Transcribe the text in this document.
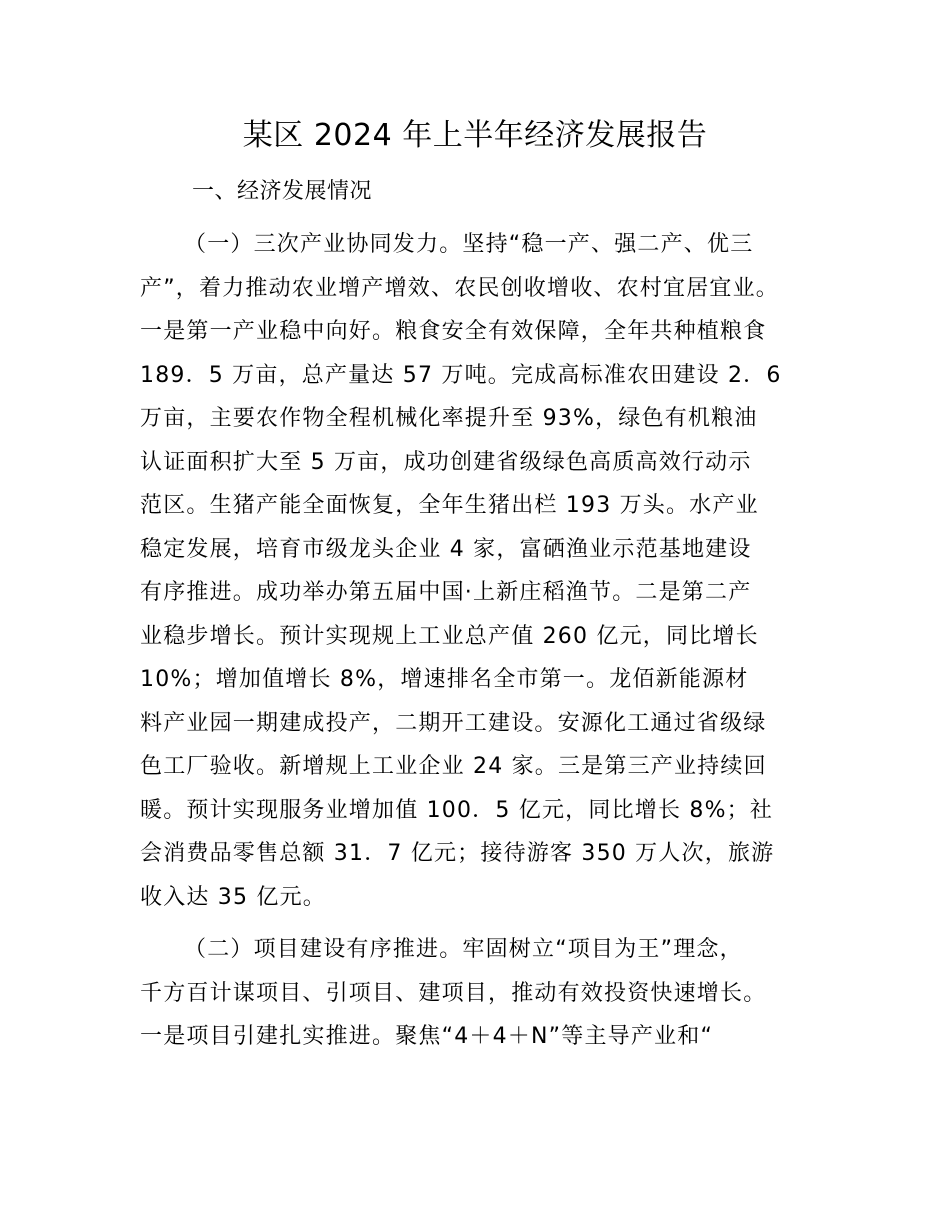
某区 2024 年上半年经济发展报告
一、经济发展情况
（一）三次产业协同发力。坚持“稳一产、强二产、优三
产”，着力推动农业增产增效、农民创收增收、农村宜居宜业。
一是第一产业稳中向好。粮食安全有效保障，全年共种植粮食
189．5 万亩，总产量达 57 万吨。完成高标准农田建设 2．6
万亩，主要农作物全程机械化率提升至 93%，绿色有机粮油
认证面积扩大至 5 万亩，成功创建省级绿色高质高效行动示
范区。生猪产能全面恢复，全年生猪出栏 193 万头。水产业
稳定发展，培育市级龙头企业 4 家，富硒渔业示范基地建设
有序推进。成功举办第五届中国·上新庄稻渔节。二是第二产
业稳步增长。预计实现规上工业总产值 260 亿元，同比增长
10%；增加值增长 8%，增速排名全市第一。龙佰新能源材
料产业园一期建成投产，二期开工建设。安源化工通过省级绿
色工厂验收。新增规上工业企业 24 家。三是第三产业持续回
暖。预计实现服务业增加值 100．5 亿元，同比增长 8%；社
会消费品零售总额 31．7 亿元；接待游客 350 万人次，旅游
收入达 35 亿元。
（二）项目建设有序推进。牢固树立“项目为王”理念，
千方百计谋项目、引项目、建项目，推动有效投资快速增长。
一是项目引建扎实推进。聚焦“4＋4＋N”等主导产业和“
